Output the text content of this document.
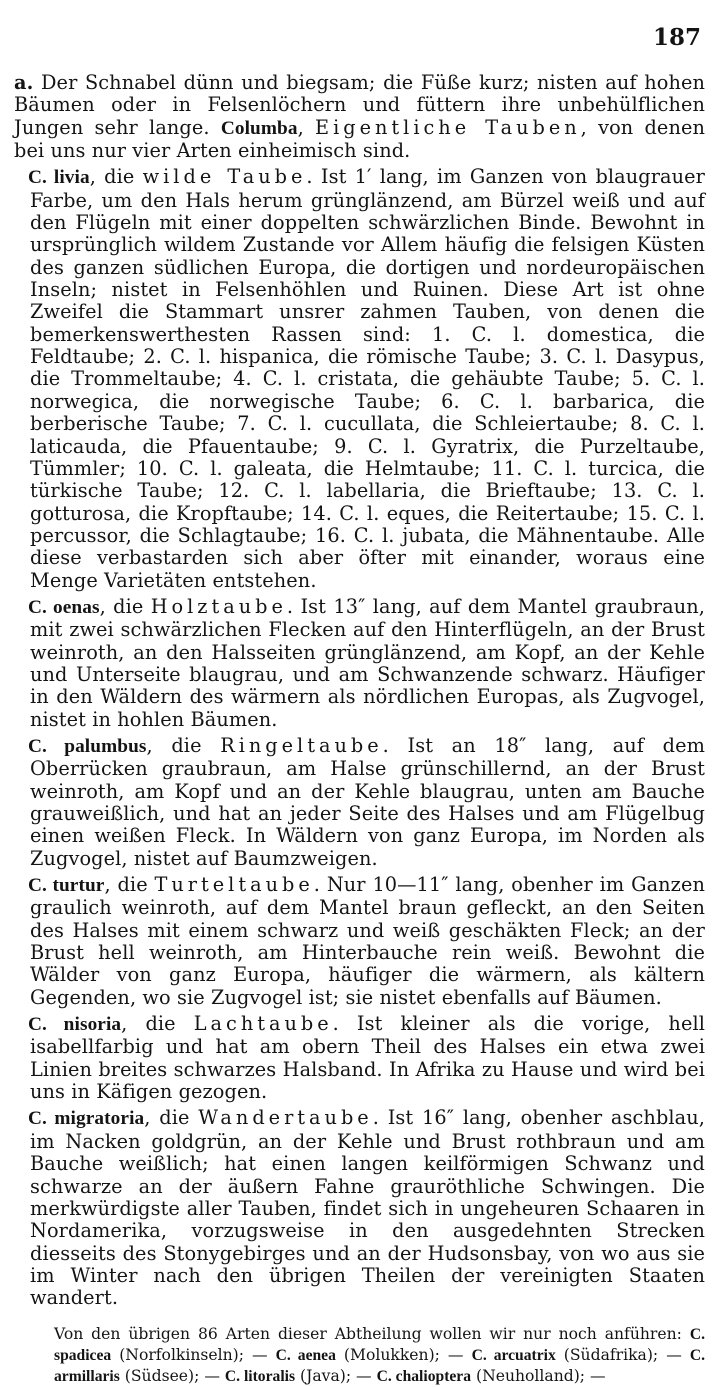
187

a. Der Schnabel dünn und biegsam; die Füße kurz; nisten auf hohen Bäumen oder in Felsenlöchern und füttern ihre unbehülflichen Jungen sehr lange. Columba, Eigentliche Tauben, von denen bei uns nur vier Arten einheimisch sind.

C. livia, die wilde Taube. Ist 1′ lang, im Ganzen von blaugrauer Farbe, um den Hals herum grünglänzend, am Bürzel weiß und auf den Flügeln mit einer doppelten schwärzlichen Binde. Bewohnt in ursprünglich wildem Zustande vor Allem häufig die felsigen Küsten des ganzen südlichen Europa, die dortigen und nordeuropäischen Inseln; nistet in Felsenhöhlen und Ruinen. Diese Art ist ohne Zweifel die Stammart unsrer zahmen Tauben, von denen die bemerkenswerthesten Rassen sind: 1. C. l. domestica, die Feldtaube; 2. C. l. hispanica, die römische Taube; 3. C. l. Dasypus, die Trommeltaube; 4. C. l. cristata, die gehäubte Taube; 5. C. l. norwegica, die norwegische Taube; 6. C. l. barbarica, die berberische Taube; 7. C. l. cucullata, die Schleiertaube; 8. C. l. laticauda, die Pfauentaube; 9. C. l. Gyratrix, die Purzeltaube, Tümmler; 10. C. l. galeata, die Helmtaube; 11. C. l. turcica, die türkische Taube; 12. C. l. labellaria, die Brieftaube; 13. C. l. gotturosa, die Kropftaube; 14. C. l. eques, die Reitertaube; 15. C. l. percussor, die Schlagtaube; 16. C. l. jubata, die Mähnentaube. Alle diese verbastarden sich aber öfter mit einander, woraus eine Menge Varietäten entstehen.

C. oenas, die Holztaube. Ist 13″ lang, auf dem Mantel graubraun, mit zwei schwärzlichen Flecken auf den Hinterflügeln, an der Brust weinroth, an den Halsseiten grünglänzend, am Kopf, an der Kehle und Unterseite blaugrau, und am Schwanzende schwarz. Häufiger in den Wäldern des wärmern als nördlichen Europas, als Zugvogel, nistet in hohlen Bäumen.

C. palumbus, die Ringeltaube. Ist an 18″ lang, auf dem Oberrücken graubraun, am Halse grünschillernd, an der Brust weinroth, am Kopf und an der Kehle blaugrau, unten am Bauche grauweißlich, und hat an jeder Seite des Halses und am Flügelbug einen weißen Fleck. In Wäldern von ganz Europa, im Norden als Zugvogel, nistet auf Baumzweigen.

C. turtur, die Turteltaube. Nur 10—11″ lang, obenher im Ganzen graulich weinroth, auf dem Mantel braun gefleckt, an den Seiten des Halses mit einem schwarz und weiß geschäkten Fleck; an der Brust hell weinroth, am Hinterbauche rein weiß. Bewohnt die Wälder von ganz Europa, häufiger die wärmern, als kältern Gegenden, wo sie Zugvogel ist; sie nistet ebenfalls auf Bäumen.

C. nisoria, die Lachtaube. Ist kleiner als die vorige, hell isabellfarbig und hat am obern Theil des Halses ein etwa zwei Linien breites schwarzes Halsband. In Afrika zu Hause und wird bei uns in Käfigen gezogen.

C. migratoria, die Wandertaube. Ist 16″ lang, obenher aschblau, im Nacken goldgrün, an der Kehle und Brust rothbraun und am Bauche weißlich; hat einen langen keilförmigen Schwanz und schwarze an der äußern Fahne grauröthliche Schwingen. Die merkwürdigste aller Tauben, findet sich in ungeheuren Schaaren in Nordamerika, vorzugsweise in den ausgedehnten Strecken diesseits des Stonygebirges und an der Hudsonsbay, von wo aus sie im Winter nach den übrigen Theilen der vereinigten Staaten wandert.

Von den übrigen 86 Arten dieser Abtheilung wollen wir nur noch anführen: C. spadicea (Norfolkinseln); — C. aenea (Molukken); — C. arcuatrix (Südafrika); — C. armillaris (Südsee); — C. litoralis (Java); — C. chalioptera (Neuholland); —
